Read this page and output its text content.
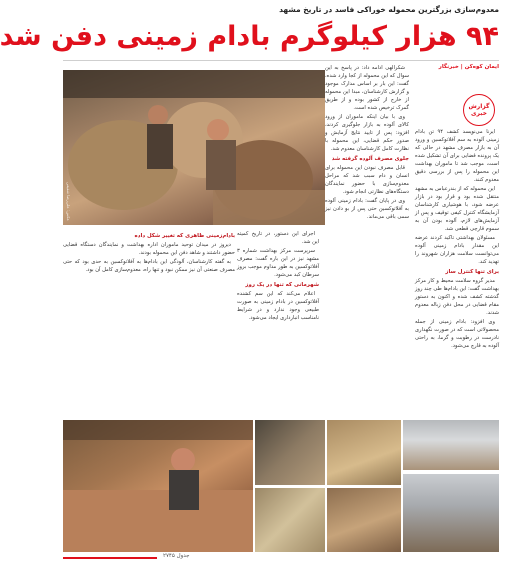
معدوم‌سازی بزرگترین محموله خوراکی فاسد در تاریخ مشهد
۹۴ هزار کیلوگرم بادام زمینی دفن شد
عکس: علی‌رضا شفیعی
ایمان کوه‌کن | خبرنگار
گزارش خبری

ایرنا می‌نویسد کشف ۹۴ تن بادام زمینی آلوده به سم آفلاتوکسین و ورود آن به بازار مصرف مشهد در حالی که یک پرونده قضایی برای آن تشکیل شده است، موجب شد تا ماموران بهداشت این محموله را پس از بررسی دقیق معدوم کنند.

این محموله که از بندرعباس به مشهد منتقل شده بود و قرار بود در بازار عرضه شود، با هوشیاری کارشناسان آزمایشگاه کنترل کیفی توقیف و پس از آزمایش‌های لازم، آلوده بودن آن به سموم قارچی قطعی شد.

مسئولان بهداشتی تاکید کردند عرضه این مقدار بادام زمینی آلوده می‌توانست سلامت هزاران شهروند را تهدید کند.

برای تنها کنترل ساز

مدیر گروه سلامت محیط و کار مرکز بهداشت گفت: این بادام‌ها طی چند روز گذشته کشف شده و اکنون به دستور مقام قضایی در محل دفن زباله معدوم شدند.

وی افزود: بادام زمینی از جمله محصولاتی است که در صورت نگهداری نادرست در رطوبت و گرما، به راحتی آلوده به قارچ می‌شود.

شکرالهی ادامه داد: در پاسخ به این سوال که این محموله از کجا وارد شده، گفت: این بار بر اساس مدارک موجود و گزارش کارشناسان، مبدا این محموله از خارج از کشور بوده و از طریق گمرک ترخیص شده است.

وی با بیان اینکه ماموران از ورود کالای آلوده به بازار جلوگیری کردند، افزود: پس از تایید نتایج آزمایش و صدور حکم قضایی، این محموله با نظارت کامل کارشناسان معدوم شد.

جلوی مصرف آلوده گرفته شد

قابل مصرف نبودن این محموله برای انسان و دام سبب شد که مراحل معدوم‌سازی با حضور نمایندگان دستگاه‌های نظارتی انجام شود.

وی در پایان گفت: بادام زمینی آلوده به آفلاتوکسین حتی پس از بو دادن نیز سمی باقی می‌ماند.

اجرای این دستور، در تاریخ کمیته این شد.

سرپرست مرکز بهداشت شماره ۳ مشهد نیز در این باره گفت: مصرف آفلاتوکسین به طور مداوم موجب بروز سرطان کبد می‌شود.

شهرمانی که تنها در یک روز

اعلام می‌کند که این سم کشنده آفلاتوکسین در بادام زمینی به صورت طبیعی وجود ندارد و در شرایط نامناسب انبارداری ایجاد می‌شود.

بادام‌زمینی ظاهری که تغییر شکل داده

دیروز در میدان توحید ماموران اداره بهداشت و نمایندگان دستگاه قضایی حضور داشتند و شاهد دفن این محموله بودند.

به گفته کارشناسان، آلودگی این بادام‌ها به آفلاتوکسین به حدی بود که حتی مصرف صنعتی آن نیز ممکن نبود و تنها راه، معدوم‌سازی کامل آن بود.

جدول ۲۷۴۵
